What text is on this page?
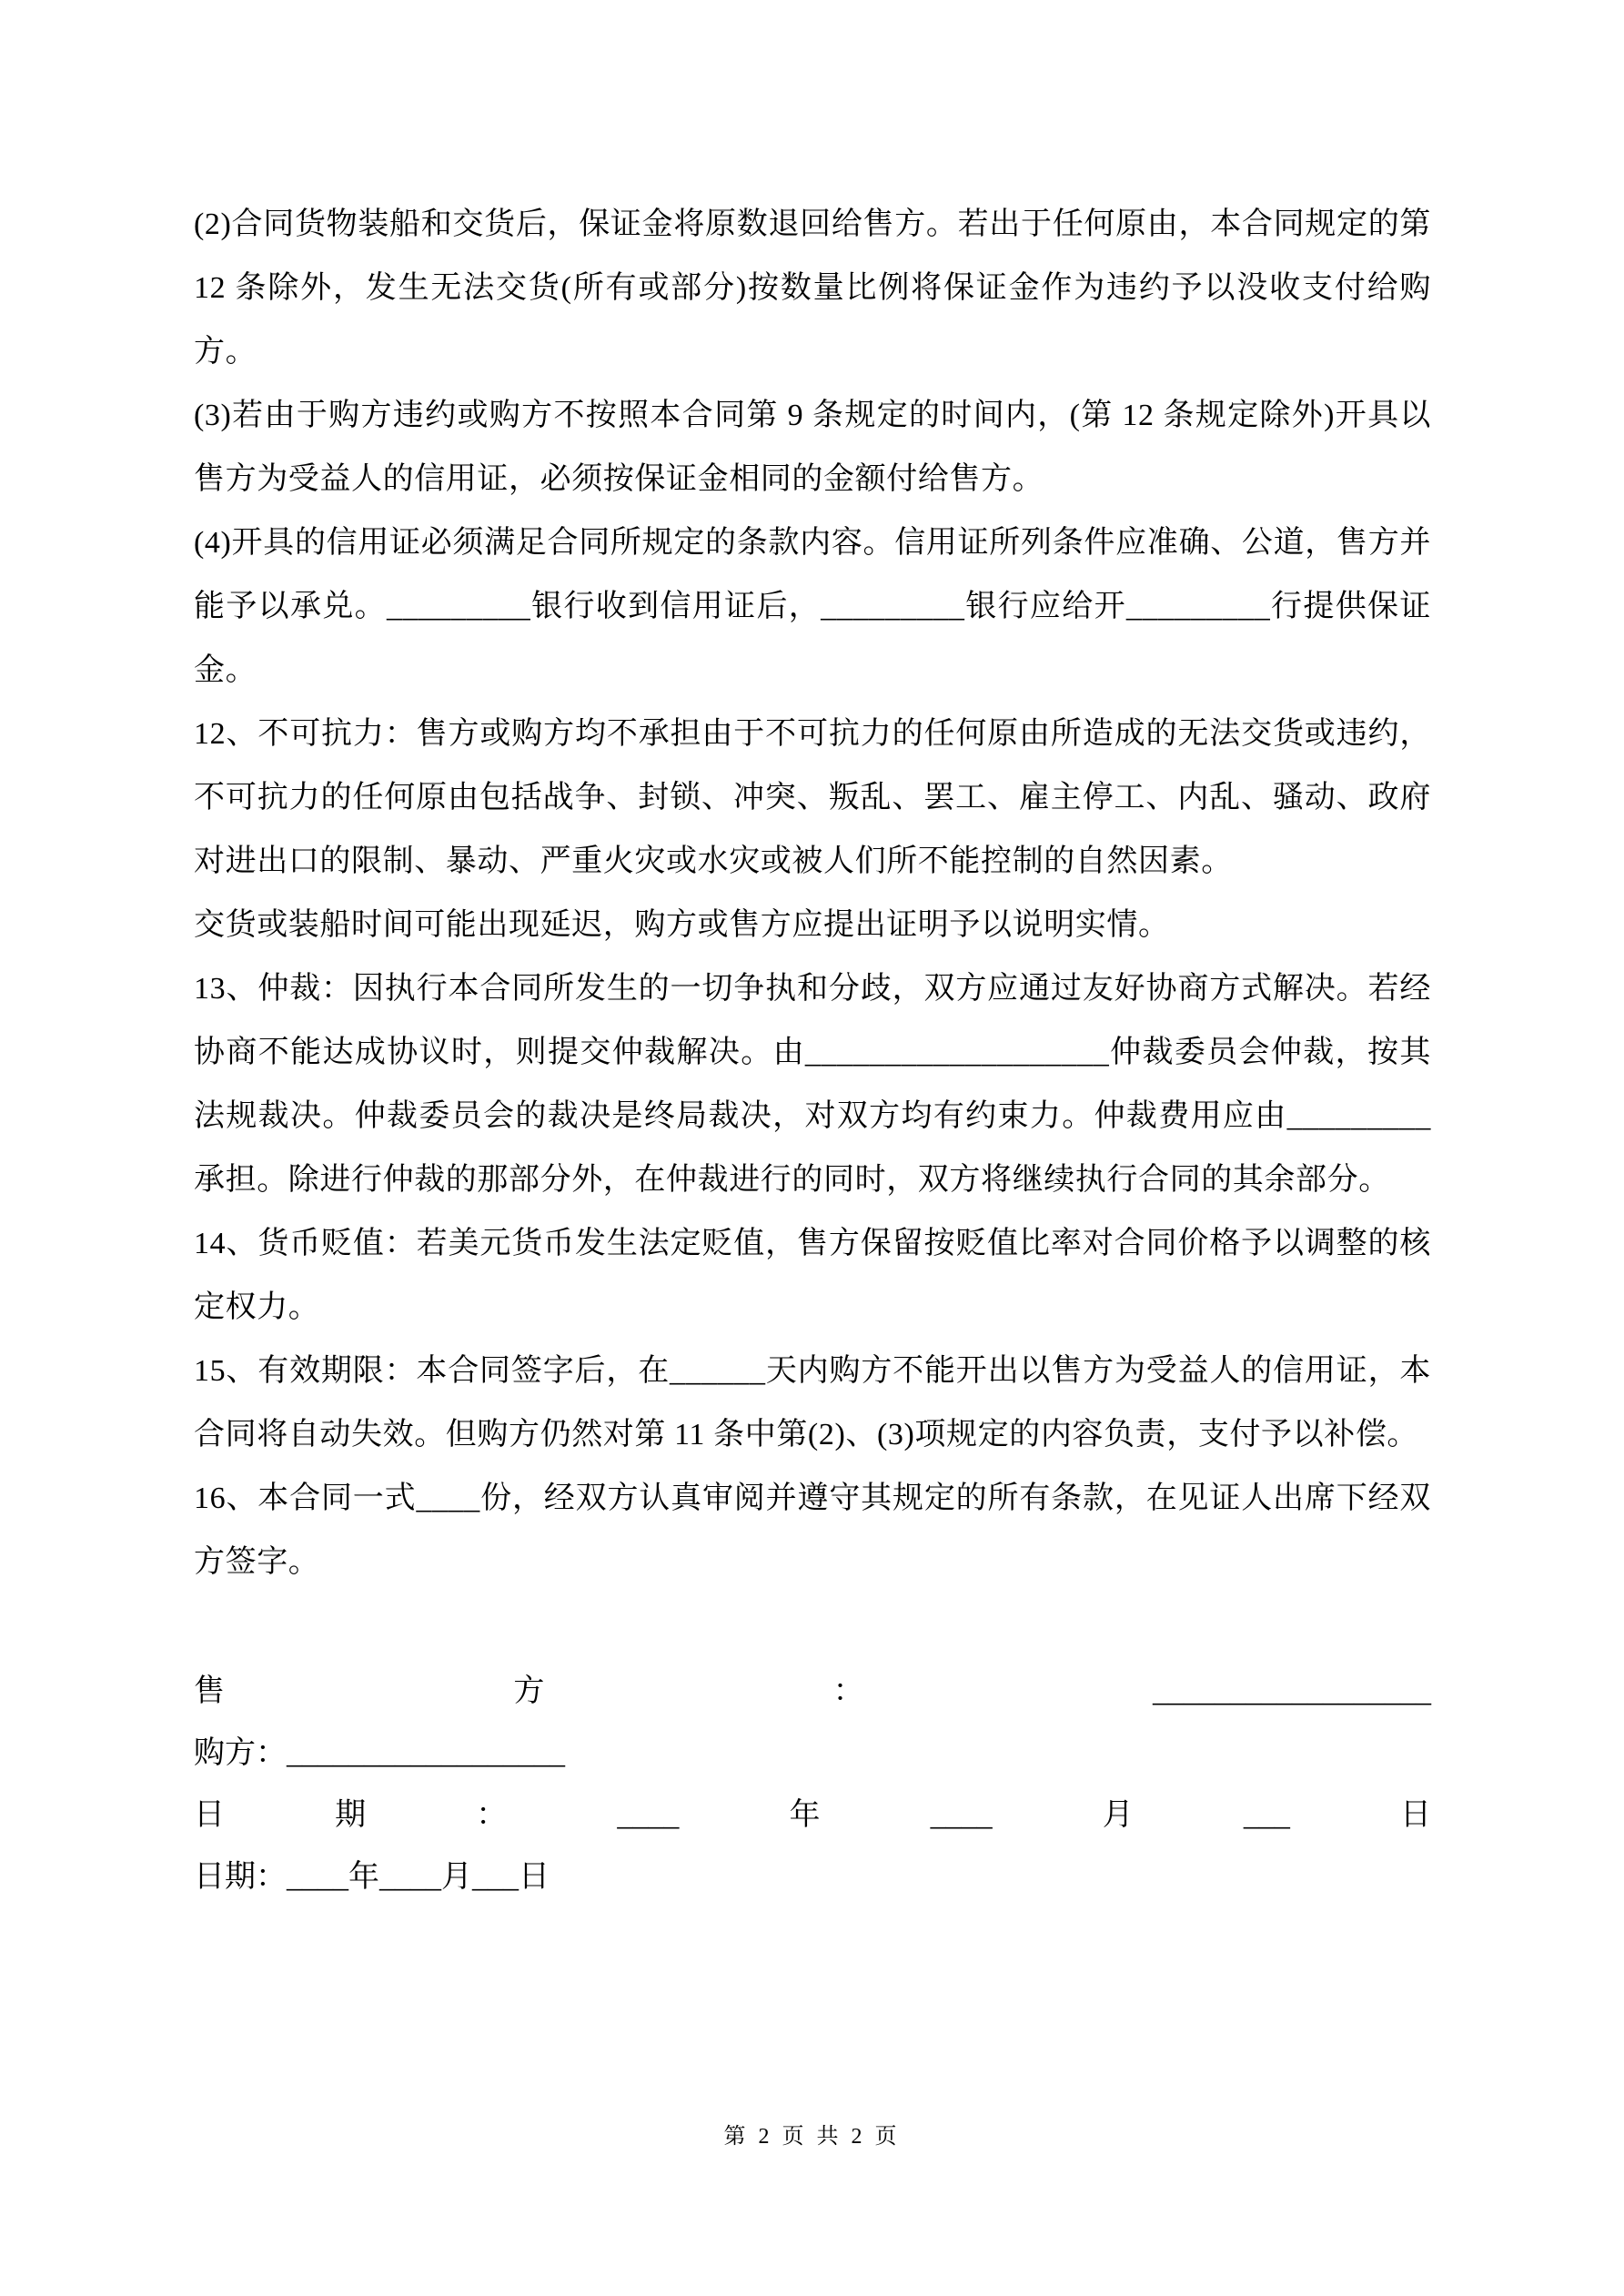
(2)合同货物装船和交货后，保证金将原数退回给售方。若出于任何原由，本合同规定的第 12 条除外，发生无法交货(所有或部分)按数量比例将保证金作为违约予以没收支付给购方。

(3)若由于购方违约或购方不按照本合同第 9 条规定的时间内，(第 12 条规定除外)开具以售方为受益人的信用证，必须按保证金相同的金额付给售方。

(4)开具的信用证必须满足合同所规定的条款内容。信用证所列条件应准确、公道，售方并能予以承兑。_________银行收到信用证后，_________银行应给开_________行提供保证金。

12、不可抗力：售方或购方均不承担由于不可抗力的任何原由所造成的无法交货或违约，不可抗力的任何原由包括战争、封锁、冲突、叛乱、罢工、雇主停工、内乱、骚动、政府对进出口的限制、暴动、严重火灾或水灾或被人们所不能控制的自然因素。

交货或装船时间可能出现延迟，购方或售方应提出证明予以说明实情。

13、仲裁：因执行本合同所发生的一切争执和分歧，双方应通过友好协商方式解决。若经协商不能达成协议时，则提交仲裁解决。由___________________仲裁委员会仲裁，按其法规裁决。仲裁委员会的裁决是终局裁决，对双方均有约束力。仲裁费用应由_________承担。除进行仲裁的那部分外，在仲裁进行的同时，双方将继续执行合同的其余部分。

14、货币贬值：若美元货币发生法定贬值，售方保留按贬值比率对合同价格予以调整的核定权力。

15、有效期限：本合同签字后，在______天内购方不能开出以售方为受益人的信用证，本合同将自动失效。但购方仍然对第 11 条中第(2)、(3)项规定的内容负责，支付予以补偿。

16、本合同一式____份，经双方认真审阅并遵守其规定的所有条款，在见证人出席下经双方签字。

售	方	：	__________________
购方：__________________
日	期	：	____	年	____	月	___	日
日期：____年____月___日
第 2 页 共 2 页
